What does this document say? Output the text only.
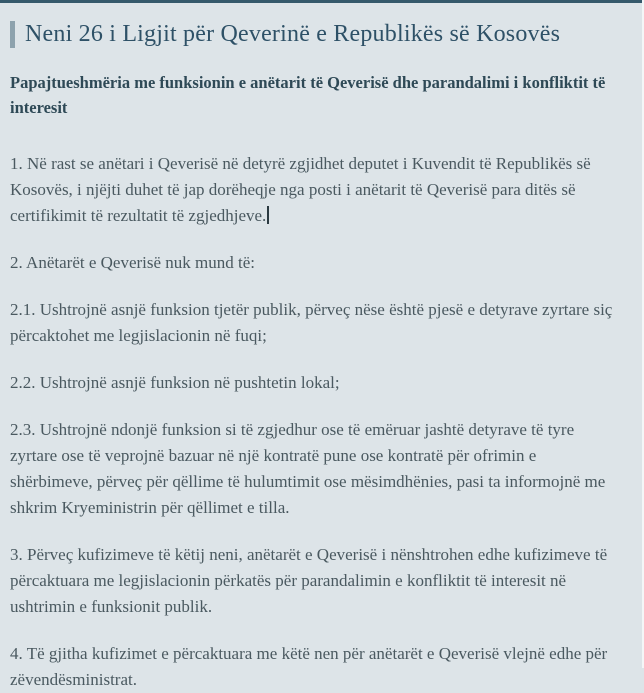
Neni 26 i Ligjit për Qeverinë e Republikës së Kosovës
Papajtueshmëria me funksionin e anëtarit të Qeverisë dhe parandalimi i konfliktit të interesit

1. Në rast se anëtari i Qeverisë në detyrë zgjidhet deputet i Kuvendit të Republikës së Kosovës, i njëjti duhet të jap dorëheqje nga posti i anëtarit të Qeverisë para ditës së certifikimit të rezultatit të zgjedhjeve.

2. Anëtarët e Qeverisë nuk mund të:

2.1. Ushtrojnë asnjë funksion tjetër publik, përveç nëse është pjesë e detyrave zyrtare siç përcaktohet me legjislacionin në fuqi;

2.2. Ushtrojnë asnjë funksion në pushtetin lokal;

2.3. Ushtrojnë ndonjë funksion si të zgjedhur ose të emëruar jashtë detyrave të tyre zyrtare ose të veprojnë bazuar në një kontratë pune ose kontratë për ofrimin e shërbimeve, përveç për qëllime të hulumtimit ose mësimdhënies, pasi ta informojnë me shkrim Kryeministrin për qëllimet e tilla.

3. Përveç kufizimeve të këtij neni, anëtarët e Qeverisë i nënshtrohen edhe kufizimeve të përcaktuara me legjislacionin përkatës për parandalimin e konfliktit të interesit në ushtrimin e funksionit publik.

4. Të gjitha kufizimet e përcaktuara me këtë nen për anëtarët e Qeverisë vlejnë edhe për zëvendësministrat.
